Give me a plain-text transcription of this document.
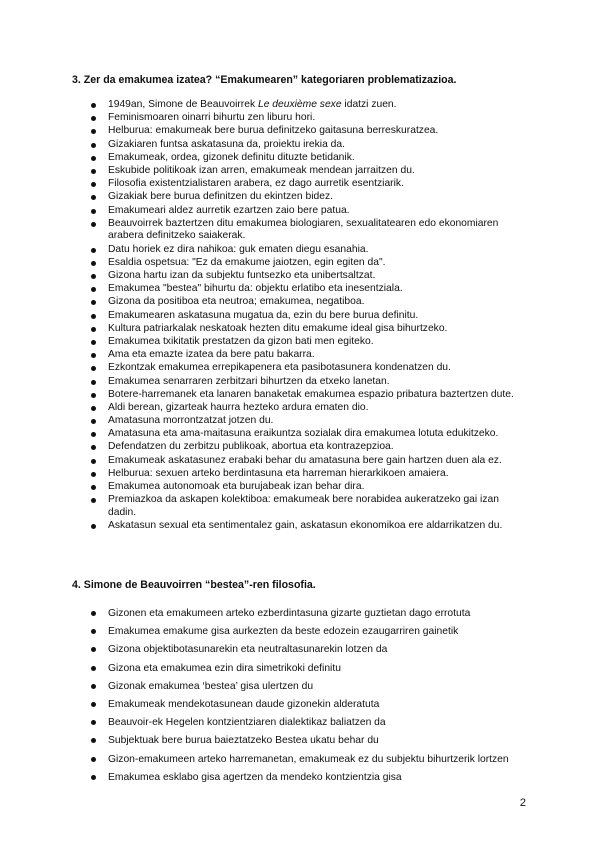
3. Zer da emakumea izatea? “Emakumearen” kategoriaren problematizazioa.

1949an, Simone de Beauvoirrek Le deuxième sexe idatzi zuen.
Feminismoaren oinarri bihurtu zen liburu hori.
Helburua: emakumeak bere burua definitzeko gaitasuna berreskuratzea.
Gizakiaren funtsa askatasuna da, proiektu irekia da.
Emakumeak, ordea, gizonek definitu dituzte betidanik.
Eskubide politikoak izan arren, emakumeak mendean jarraitzen du.
Filosofia existentzialistaren arabera, ez dago aurretik esentziarik.
Gizakiak bere burua definitzen du ekintzen bidez.
Emakumeari aldez aurretik ezartzen zaio bere patua.
Beauvoirrek baztertzen ditu emakumea biologiaren, sexualitatearen edo ekonomiaren arabera definitzeko saiakerak.
Datu horiek ez dira nahikoa: guk ematen diegu esanahia.
Esaldia ospetsua: "Ez da emakume jaiotzen, egin egiten da".
Gizona hartu izan da subjektu funtsezko eta unibertsaltzat.
Emakumea "bestea" bihurtu da: objektu erlatibo eta inesentziala.
Gizona da positiboa eta neutroa; emakumea, negatiboa.
Emakumearen askatasuna mugatua da, ezin du bere burua definitu.
Kultura patriarkalak neskatoak hezten ditu emakume ideal gisa bihurtzeko.
Emakumea txikitatik prestatzen da gizon bati men egiteko.
Ama eta emazte izatea da bere patu bakarra.
Ezkontzak emakumea errepikapenera eta pasibotasunera kondenatzen du.
Emakumea senarraren zerbitzari bihurtzen da etxeko lanetan.
Botere-harremanek eta lanaren banaketak emakumea espazio pribatura baztertzen dute.
Aldi berean, gizarteak haurra hezteko ardura ematen dio.
Amatasuna morrontzatzat jotzen du.
Amatasuna eta ama-maitasuna eraikuntza sozialak dira emakumea lotuta edukitzeko.
Defendatzen du zerbitzu publikoak, abortua eta kontrazepzioa.
Emakumeak askatasunez erabaki behar du amatasuna bere gain hartzen duen ala ez.
Helburua: sexuen arteko berdintasuna eta harreman hierarkikoen amaiera.
Emakumea autonomoak eta burujabeak izan behar dira.
Premiazkoa da askapen kolektiboa: emakumeak bere norabidea aukeratzeko gai izan dadin.
Askatasun sexual eta sentimentalez gain, askatasun ekonomikoa ere aldarrikatzen du.

4. Simone de Beauvoirren “bestea”-ren filosofia.

Gizonen eta emakumeen arteko ezberdintasuna gizarte guztietan dago errotuta
Emakumea emakume gisa aurkezten da beste edozein ezaugarriren gainetik
Gizona objektibotasunarekin eta neutraltasunarekin lotzen da
Gizona eta emakumea ezin dira simetrikoki definitu
Gizonak emakumea ‘bestea’ gisa ulertzen du
Emakumeak mendekotasunean daude gizonekin alderatuta
Beauvoir-ek Hegelen kontzientziaren dialektikaz baliatzen da
Subjektuak bere burua baieztatzeko Bestea ukatu behar du
Gizon-emakumeen arteko harremanetan, emakumeak ez du subjektu bihurtzerik lortzen
Emakumea esklabo gisa agertzen da mendeko kontzientzia gisa
2
